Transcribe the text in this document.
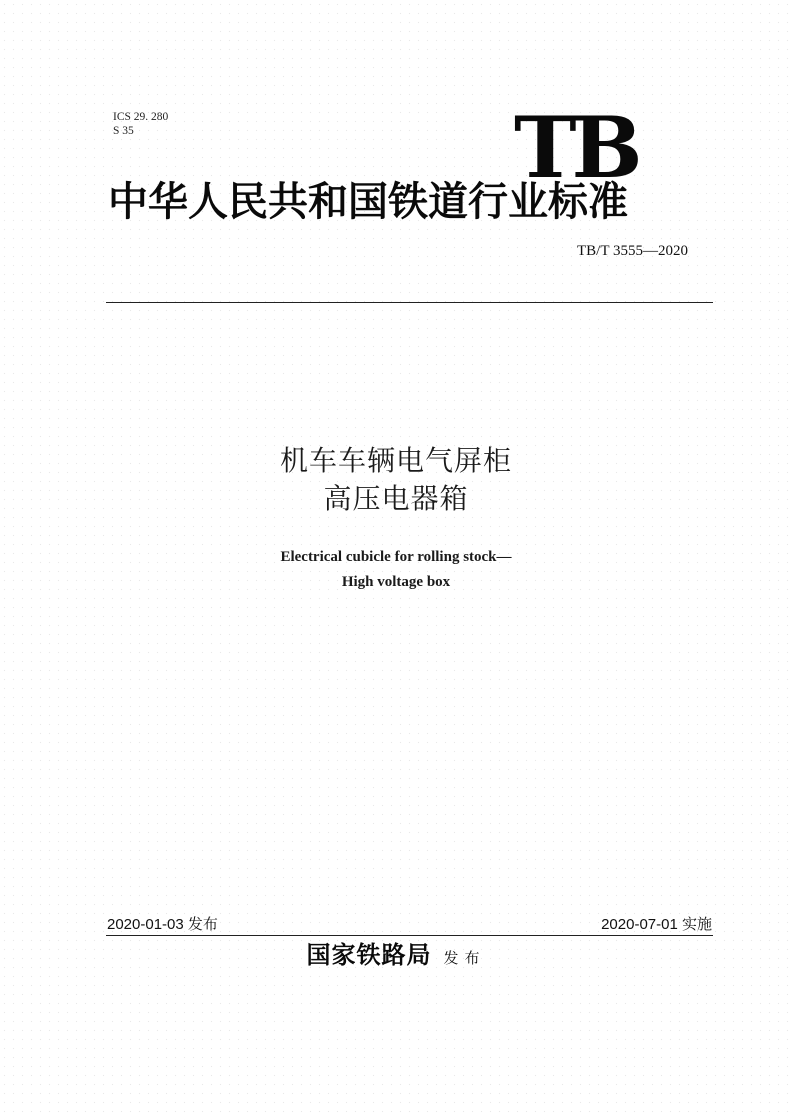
ICS 29. 280
S 35	TB
中华人民共和国铁道行业标准
TB/T 3555—2020
机车车辆电气屏柜
高压电器箱
Electrical cubicle for rolling stock—
High voltage box
2020-01-03 发布	2020-07-01 实施
国家铁路局 发布
